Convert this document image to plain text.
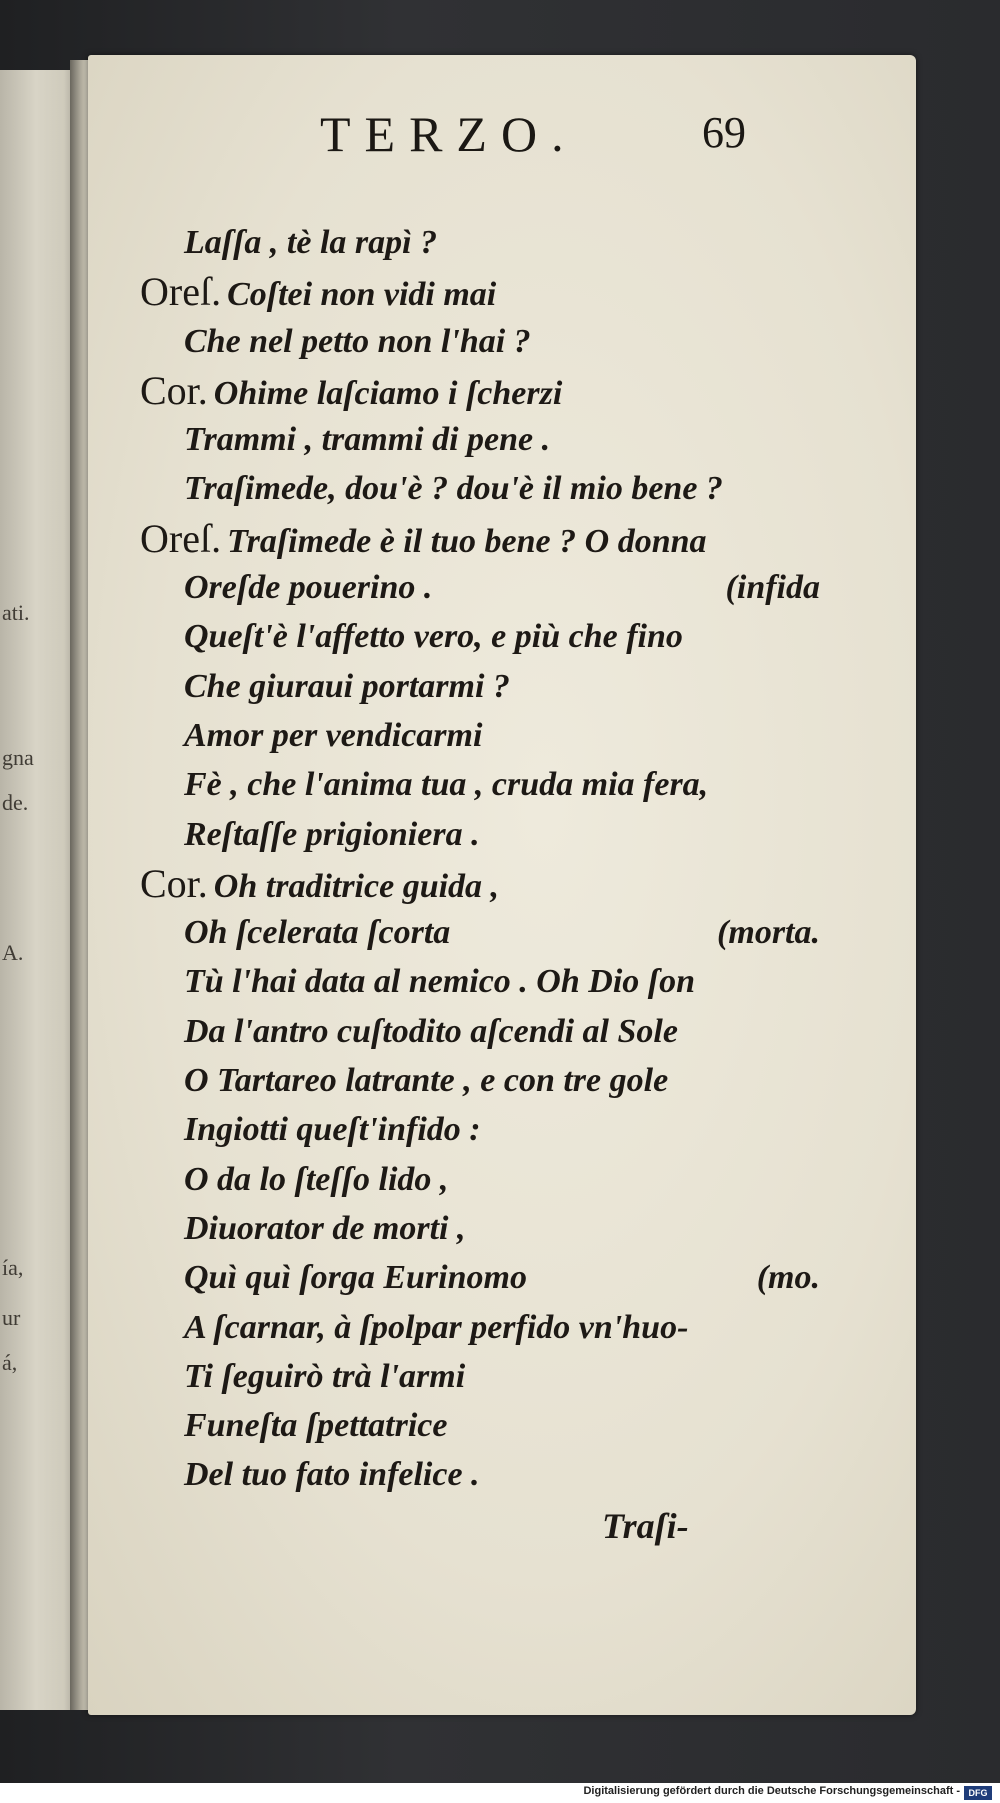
ati.
gna
de.
A.
ía,
ur
á,
TERZO.	69
Laſſa , tè la rapì ?
Oreſ. Coſtei non vidi mai
Che nel petto non l'hai ?
Cor. Ohime laſciamo i ſcherzi
Trammi , trammi di pene .
Traſimede, dou'è ? dou'è il mio bene ?
Oreſ. Traſimede è il tuo bene ? O donna
Oreſde pouerino .	(infida
Queſt'è l'affetto vero, e più che fino
Che giuraui portarmi ?
Amor per vendicarmi
Fè , che l'anima tua , cruda mia fera,
Reſtaſſe prigioniera .
Cor. Oh traditrice guida ,
Oh ſcelerata ſcorta	(morta.
Tù l'hai data al nemico . Oh Dio ſon
Da l'antro cuſtodito aſcendi al Sole
O Tartareo latrante , e con tre gole
Ingiotti queſt'infido :
O da lo ſteſſo lido ,
Diuorator de morti ,
Quì quì ſorga Eurinomo	(mo.
A ſcarnar, à ſpolpar perfido vn'huo-
Ti ſeguirò trà l'armi
Funeſta ſpettatrice
Del tuo fato infelice .
Traſi-
Digitalisierung gefördert durch die Deutsche Forschungsgemeinschaft - DFG
